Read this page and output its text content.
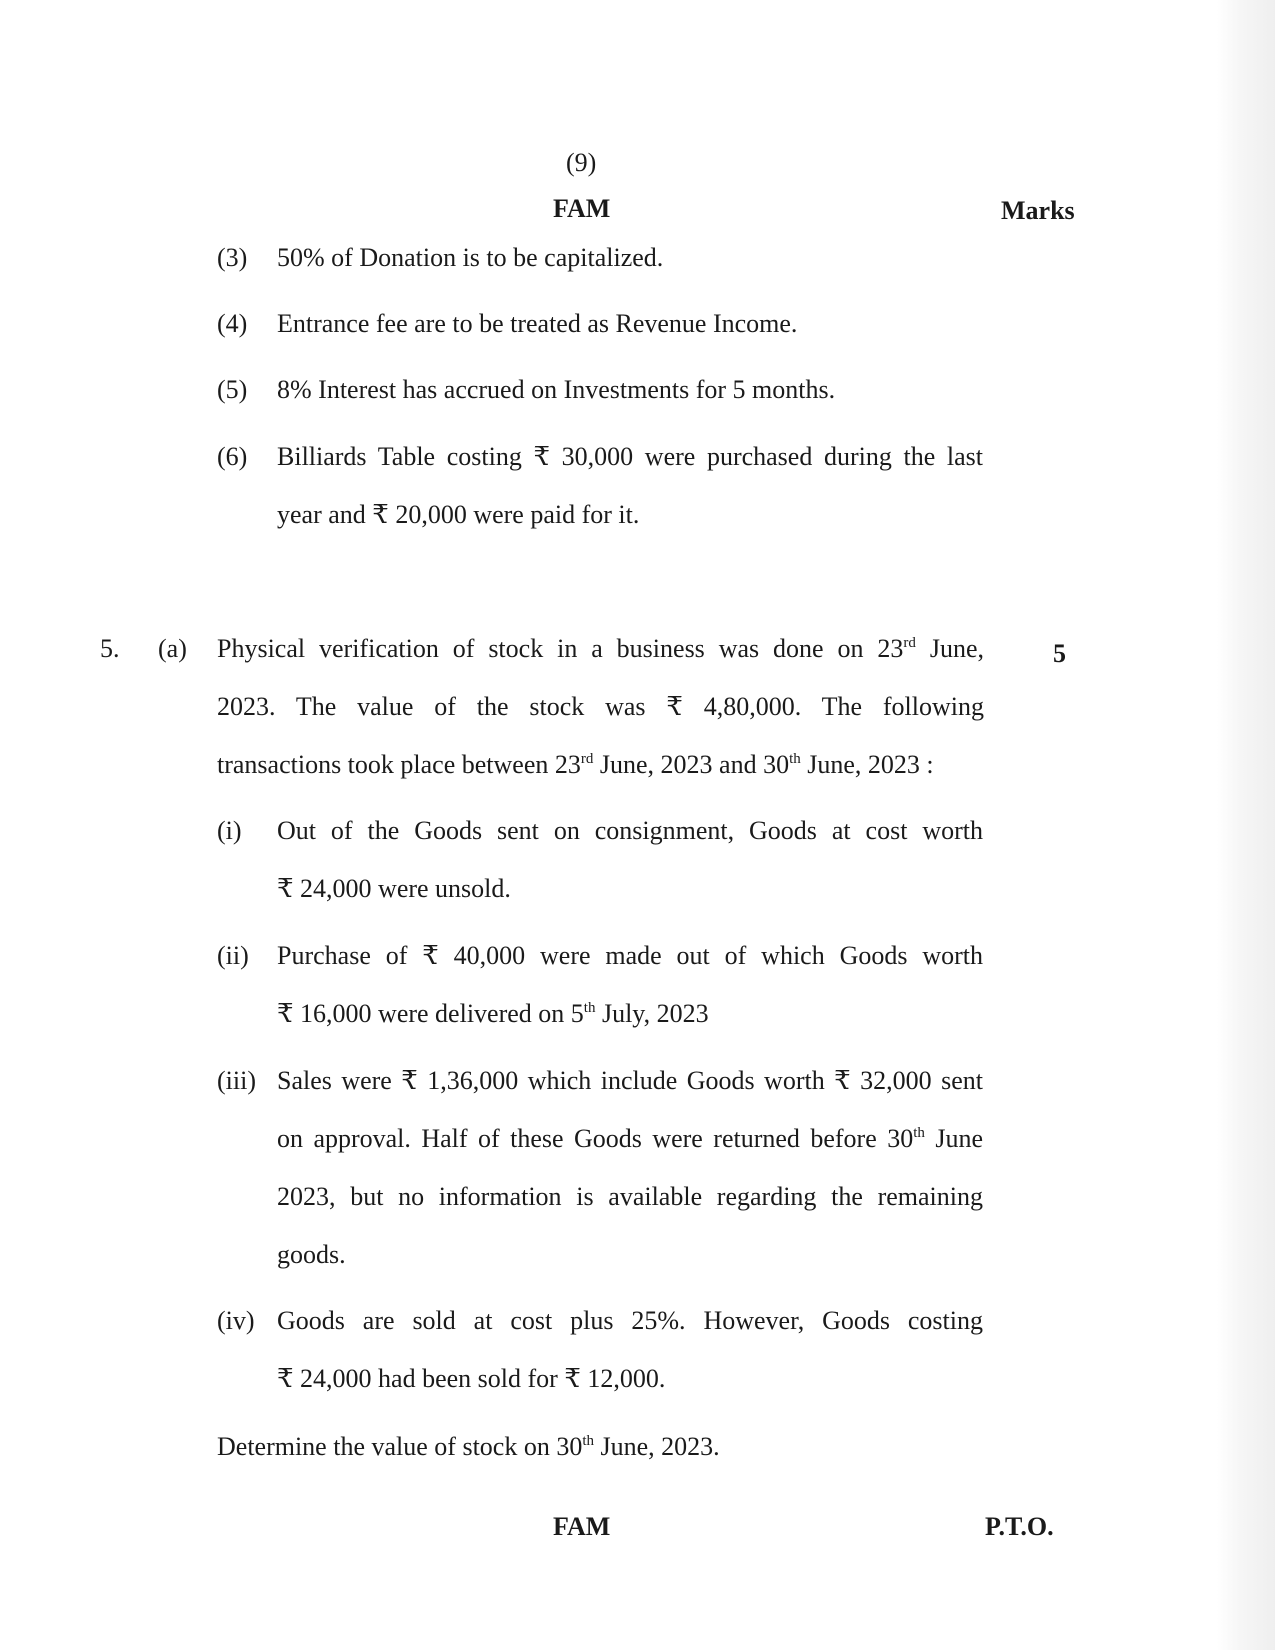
(9)
FAM	Marks
(3) 50% of Donation is to be capitalized.
(4) Entrance fee are to be treated as Revenue Income.
(5) 8% Interest has accrued on Investments for 5 months.
(6) Billiards Table costing ₹ 30,000 were purchased during the last
year and ₹ 20,000 were paid for it.
5. (a)	5
Physical verification of stock in a business was done on 23rd June,
2023. The value of the stock was ₹ 4,80,000. The following
transactions took place between 23rd June, 2023 and 30th June, 2023 :
(i) Out of the Goods sent on consignment, Goods at cost worth
₹ 24,000 were unsold.
(ii) Purchase of ₹ 40,000 were made out of which Goods worth
₹ 16,000 were delivered on 5th July, 2023
(iii) Sales were ₹ 1,36,000 which include Goods worth ₹ 32,000 sent
on approval. Half of these Goods were returned before 30th June
2023, but no information is available regarding the remaining
goods.
(iv) Goods are sold at cost plus 25%. However, Goods costing
₹ 24,000 had been sold for ₹ 12,000.
Determine the value of stock on 30th June, 2023.
FAM	P.T.O.
